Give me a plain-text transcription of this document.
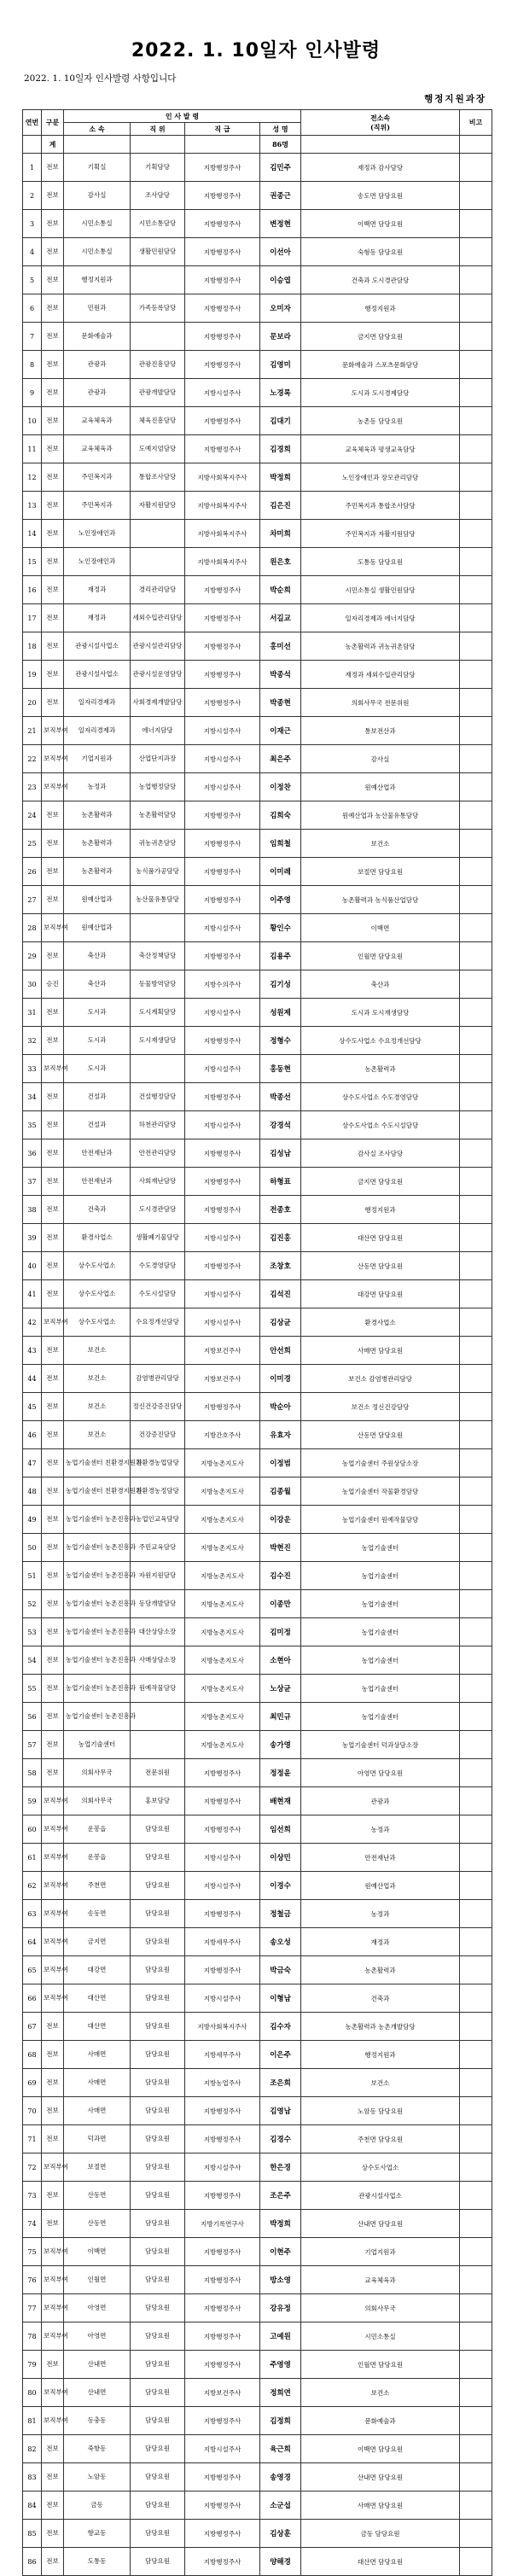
2022. 1. 10일자 인사발령
2022. 1. 10일자 인사발령 사항입니다
행정지원과장
연번	구분	인 사 발 령				전소속
(직위)	비고
		소 속	직 위	직 급	성 명		
	계				86명		
1	전보	기획실	기획담당	지방행정주사	김민주	재정과 감사담당	
2	전보	감사실	조사담당	지방행정주사	권종근	송도면 담당요원	
3	전보	시민소통실	시민소통담당	지방행정주사	변정현	이백면 담당요원	
4	전보	시민소통실	생활민원담당	지방행정주사	이선아	숙형동 담당요원	
5	전보	행정지원과		지방행정주사	이승엽	건축과 도시경관담당	
6	전보	민원과	가족등록담당	지방행정주사	오미자	행정지원과	
7	전보	문화예술과		지방행정주사	문보라	금지면 담당요원	
8	전보	관광과	관광진흥담당	지방행정주사	김영미	문화예술과 스포츠문화담당	
9	전보	관광과	관광개발담당	지방시설주사	노경록	도시과 도시경제담당	
10	전보	교육체육과	체육진흥담당	지방행정주사	김대기	농촌동 담당요원	
11	전보	교육체육과	도예지엄담당	지방행정주사	김경희	교육체육과 평생교육담당	
12	전보	주민복지과	통합조사담당	지방사회복지주사	박정희	노인장애인과 장모관리담당	
13	전보	주민복지과	자활지원담당	지방사회복지주사	김은진	주민복지과 통합조사담당	
14	전보	노인장애인과		지방사회복지주사	차미희	주민복지과 자활지원담당	
15	전보	노인장애인과		지방사회복지주사	원은호	도통동 담당요원	
16	전보	재정과	경리관리담당	지방행정주사	박순희	시민소통실 생활민원담당	
17	전보	재정과	세외수입관리담당	지방행정주사	서길교	일자리경제과 에너지담당	
18	전보	관광시설사업소	관광시설관리담당	지방행정주사	홍미선	농촌활력과 귀농귀촌담당	
19	전보	관광시설사업소	관광시설운영담당	지방행정주사	박종석	재정과 세외수입관리담당	
20	전보	일자리경제과	사회경제개발담당	지방행정주사	박종현	의회사무국 전문위원	
21	보직부여	일자리경제과	에너지담당	지방시설주사	이재근	통보전산과	
22	보직부여	기업지원과	산업단지과장	지방시설주사	최은주	감사실	
23	보직부여	농정과	농업행정담당	지방시설주사	이정찬	원예산업과	
24	전보	농촌활력과	농촌활력담당	지방행정주사	김희숙	원예산업과 농산물유통담당	
25	전보	농촌활력과	귀농귀촌담당	지방행정주사	임희철	보건소	
26	전보	농촌활력과	농식품가공담당	지방행정주사	이미례	보절면 담당요원	
27	전보	원예산업과	농산물유통담당	지방행정주사	이주영	농촌활력과 농식품산업담당	
28	보직부여	원예산업과		지방시설주사	황인수	이백면	
29	전보	축산과	축산정책담당	지방행정주사	김용주	인월면 담당요원	
30	승진	축산과	동물방역담당	지방수의주사	김기성	축산과	
31	전보	도시과	도시계획담당	지방시설주사	성원제	도시과 도시재생담당	
32	전보	도시과	도시재생담당	지방행정주사	정형수	상수도사업소 수요정개선담당	
33	보직부여	도시과		지방시설주사	홍동현	농촌활력과	
34	전보	건설과	건설행정담당	지방행정주사	박종선	상수도사업소 수도경영담당	
35	전보	건설과	하천관리담당	지방시설주사	강경석	상수도사업소 수도시설담당	
36	전보	안전재난과	안전관리담당	지방행정주사	김성남	감사실 조사담당	
37	전보	안전재난과	사회재난담당	지방행정주사	하형표	금지면 담당요원	
38	전보	건축과	도시경관담당	지방행정주사	전종호	행정지원과	
39	전보	환경사업소	생활폐기물담당	지방시설주사	김진홍	대산면 담당요원	
40	전보	상수도사업소	수도경영담당	지방행정주사	조창호	산동면 담당요원	
41	전보	상수도사업소	수도시설담당	지방시설주사	김석진	대강면 담당요원	
42	보직부여	상수도사업소	수요정개선담당	지방시설주사	김상균	환경사업소	
43	전보	보건소		지방보건주사	안선희	사매면 담당요원	
44	전보	보건소	감염병관리담당	지방보건주사	이미경	보건소 감염병관리담당	
45	전보	보건소	정신건강증진담당	지방행정주사	박순아	보건소 정신건강담당	
46	전보	보건소	건강증진담당	지방간호주사	유효자	산동면 담당요원	
47	전보	농업기술센터 친환경지원과	친환경농업담당	지방농촌지도사	이정범	농업기술센터 주원상담소장	
48	전보	농업기술센터 친환경지원과	친환경농정담당	지방농촌지도사	김종월	농업기술센터 작물환경담당	
49	전보	농업기술센터 농촌진흥과	농업인교육담당	지방농촌지도사	이강운	농업기술센터 원예작물담당	
50	전보	농업기술센터 농촌진흥과	주민교육담당	지방농촌지도사	박현진	농업기술센터	
51	전보	농업기술센터 농촌진흥과	자원지원담당	지방농촌지도사	김수진	농업기술센터	
52	전보	농업기술센터 농촌진흥과	동당개발담당	지방농촌지도사	이종만	농업기술센터	
53	전보	농업기술센터 농촌진흥과	대산상담소장	지방농촌지도사	김미정	농업기술센터	
54	전보	농업기술센터 농촌진흥과	사매상담소장	지방농촌지도사	소현아	농업기술센터	
55	전보	농업기술센터 농촌진흥과	원예작물담당	지방농촌지도사	노상균	농업기술센터	
56	전보	농업기술센터 농촌진흥과		지방농촌지도사	최민규	농업기술센터	
57	전보	농업기술센터		지방농촌지도사	송가영	농업기술센터 덕과상담소장	
58	전보	의회사무국	전문위원	지방행정주사	정정윤	아영면 담당요원	
59	보직부여	의회사무국	홍보담당	지방행정주사	배현재	관광과	
60	보직부여	운봉읍	담당요원	지방행정주사	임선희	농정과	
61	보직부여	운봉읍	담당요원	지방시설주사	이상민	안전재난과	
62	보직부여	주천면	담당요원	지방시설주사	이경수	원예산업과	
63	보직부여	송동면	담당요원	지방행정주사	정철금	농정과	
64	보직부여	금지면	담당요원	지방세무주사	송오성	재정과	
65	보직부여	대강면	담당요원	지방행정주사	박금숙	농촌활력과	
66	보직부여	대산면	담당요원	지방시설주사	이형남	건축과	
67	전보	대산면	담당요원	지방사회복지주사	김수자	농촌활력과 농촌개발담당	
68	전보	사매면	담당요원	지방세무주사	이은주	행정지원과	
69	전보	사매면	담당요원	지방농업주사	조은희	보건소	
70	전보	사매면	담당요원	지방행정주사	김영남	노암동 담당요원	
71	전보	덕과면	담당요원	지방행정주사	김경수	주천면 담당요원	
72	보직부여	보절면	담당요원	지방시설주사	한은경	상수도사업소	
73	전보	산동면	담당요원	지방행정주사	조은주	관광시설사업소	
74	전보	산동면	담당요원	지방기록연구사	박정희	산내면 담당요원	
75	보직부여	이백면	담당요원	지방행정주사	이현주	기업지원과	
76	보직부여	인월면	담당요원	지방행정주사	방소영	교육체육과	
77	보직부여	아영면	담당요원	지방행정주사	강유정	의회사무국	
78	보직부여	아영면	담당요원	지방행정주사	고예원	시민소통실	
79	전보	산내면	담당요원	지방행정주사	주영영	인월면 담당요원	
80	보직부여	산내면	담당요원	지방보건주사	정희연	보건소	
81	보직부여	동충동	담당요원	지방행정주사	김정희	문화예술과	
82	전보	죽항동	담당요원	지방시설주사	육근희	이백면 담당요원	
83	전보	노암동	담당요원	지방행정주사	송영경	산내면 담당요원	
84	전보	금동	담당요원	지방행정주사	소군섭	사매면 담당요원	
85	전보	향교동	담당요원	지방행정주사	김상훈	금동 담당요원	
86	전보	도통동	담당요원	지방행정주사	양해경	대산면 담당요원	
